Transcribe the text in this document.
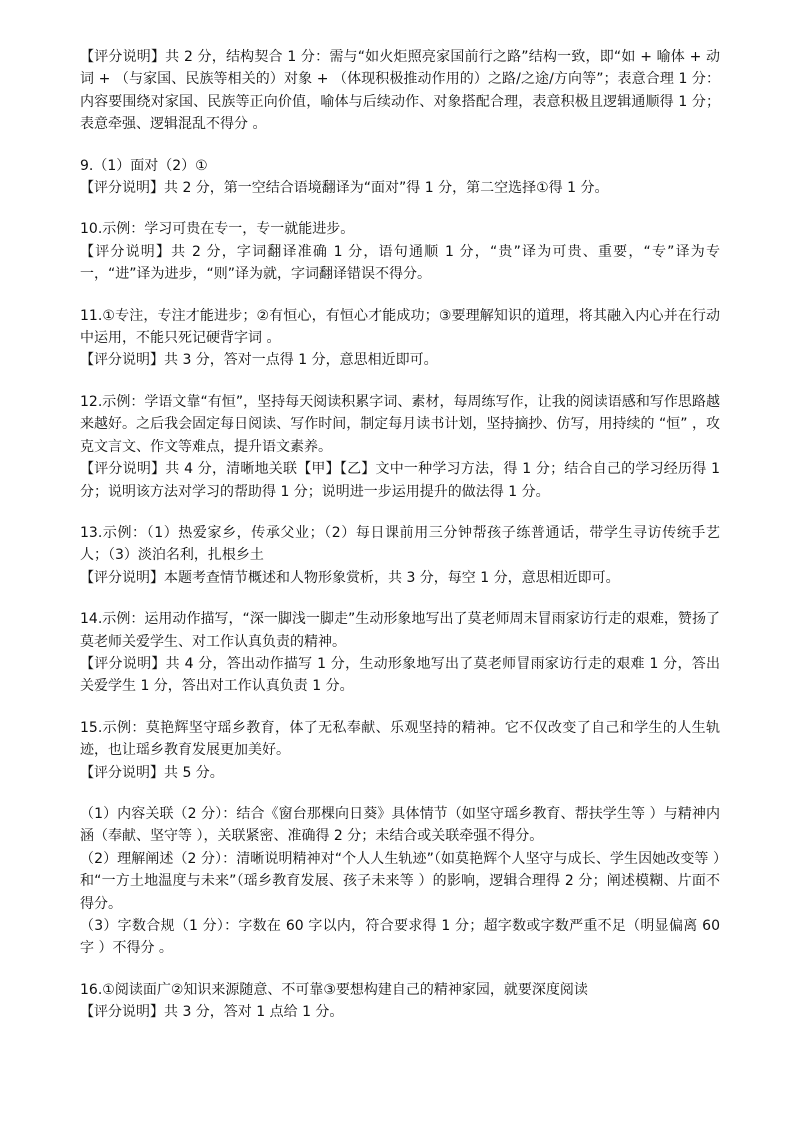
【评分说明】共 2 分，结构契合 1 分：需与“如火炬照亮家国前行之路”结构一致，即“如 + 喻体 + 动词 + （与家国、民族等相关的）对象 + （体现积极推动作用的）之路/之途/方向等”；表意合理 1 分：内容要围绕对家国、民族等正向价值，喻体与后续动作、对象搭配合理，表意积极且逻辑通顺得 1 分；表意牵强、逻辑混乱不得分 。

9.（1）面对（2）①

【评分说明】共 2 分，第一空结合语境翻译为“面对”得 1 分，第二空选择①得 1 分。

10.示例：学习可贵在专一，专一就能进步。

【评分说明】共 2 分，字词翻译准确 1 分，语句通顺 1 分，“贵”译为可贵、重要，“专”译为专一，“进”译为进步，“则”译为就，字词翻译错误不得分。

11.①专注，专注才能进步；②有恒心，有恒心才能成功；③要理解知识的道理，将其融入内心并在行动中运用，不能只死记硬背字词 。

【评分说明】共 3 分，答对一点得 1 分，意思相近即可。

12.示例：学语文靠“有恒”，坚持每天阅读积累字词、素材，每周练写作，让我的阅读语感和写作思路越来越好。之后我会固定每日阅读、写作时间，制定每月读书计划，坚持摘抄、仿写，用持续的 “恒” ，攻克文言文、作文等难点，提升语文素养。

【评分说明】共 4 分，清晰地关联【甲】【乙】文中一种学习方法，得 1 分；结合自己的学习经历得 1 分；说明该方法对学习的帮助得 1 分；说明进一步运用提升的做法得 1 分。

13.示例：（1）热爱家乡，传承父业；（2）每日课前用三分钟帮孩子练普通话，带学生寻访传统手艺人；（3）淡泊名利，扎根乡土

【评分说明】本题考查情节概述和人物形象赏析，共 3 分，每空 1 分，意思相近即可。

14.示例：运用动作描写，“深一脚浅一脚走”生动形象地写出了莫老师周末冒雨家访行走的艰难，赞扬了莫老师关爱学生、对工作认真负责的精神。

【评分说明】共 4 分，答出动作描写 1 分，生动形象地写出了莫老师冒雨家访行走的艰难 1 分，答出关爱学生 1 分，答出对工作认真负责 1 分。

15.示例：莫艳辉坚守瑶乡教育，体了无私奉献、乐观坚持的精神。它不仅改变了自己和学生的人生轨迹，也让瑶乡教育发展更加美好。

【评分说明】共 5 分。

（1）内容关联（2 分）：结合《窗台那棵向日葵》具体情节（如坚守瑶乡教育、帮扶学生等 ）与精神内涵（奉献、坚守等 ），关联紧密、准确得 2 分；未结合或关联牵强不得分。

（2）理解阐述（2 分）：清晰说明精神对“个人人生轨迹”（如莫艳辉个人坚守与成长、学生因她改变等 ）和“一方土地温度与未来”（瑶乡教育发展、孩子未来等 ）的影响，逻辑合理得 2 分；阐述模糊、片面不得分。

（3）字数合规（1 分）：字数在 60 字以内，符合要求得 1 分；超字数或字数严重不足（明显偏离 60 字 ）不得分 。

16.①阅读面广②知识来源随意、不可靠③要想构建自己的精神家园，就要深度阅读

【评分说明】共 3 分，答对 1 点给 1 分。
